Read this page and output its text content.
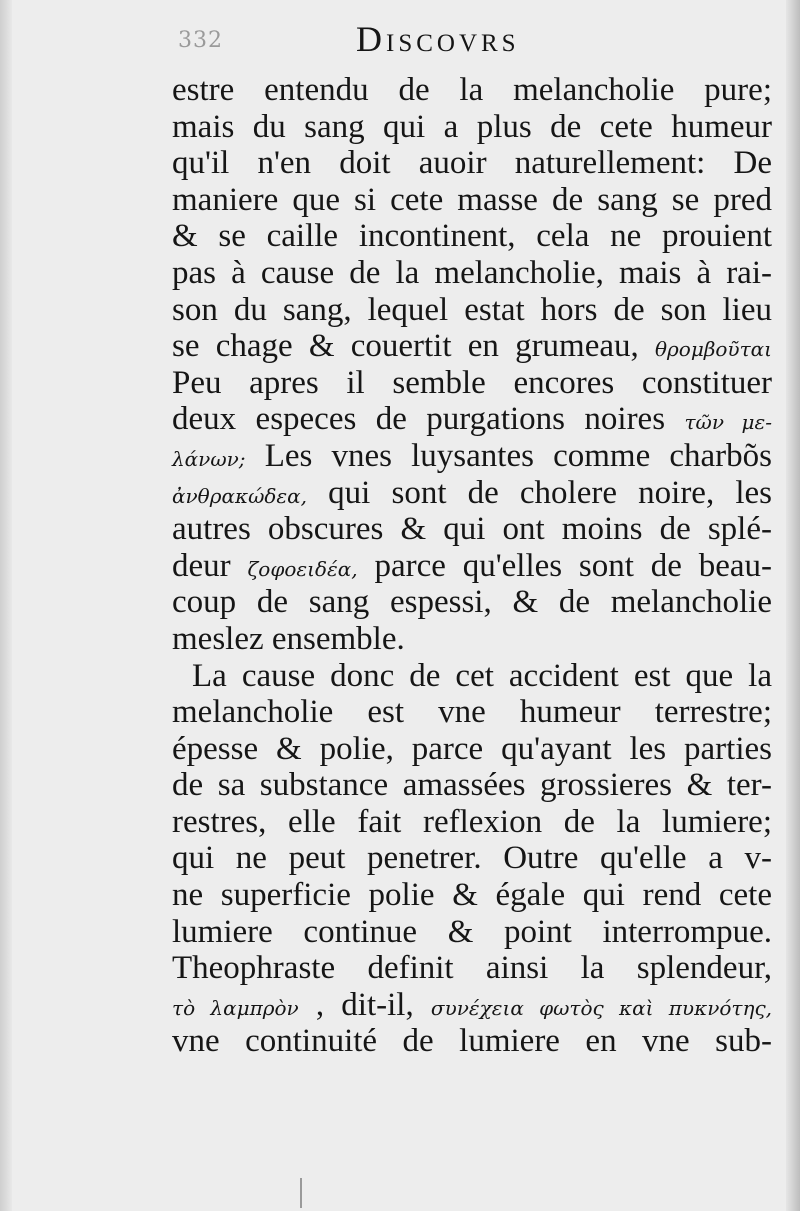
332	Discovrs
estre entendu de la melancholie pure;
mais du sang qui a plus de cete humeur
qu'il n'en doit auoir naturellement: De
maniere que si cete masse de sang se pred
& se caille incontinent, cela ne prouient
pas à cause de la melancholie, mais à rai-
son du sang, lequel estat hors de son lieu
se chage & couertit en grumeau, θρομβοῦται
Peu apres il semble encores constituer
deux especes de purgations noires τῶν με-
λάνων; Les vnes luysantes comme charbõs
ἀνθρακώδεα, qui sont de cholere noire, les
autres obscures & qui ont moins de splé-
deur ζοφοειδέα, parce qu'elles sont de beau-
coup de sang espessi, & de melancholie
meslez ensemble.
La cause donc de cet accident est que la
melancholie est vne humeur terrestre;
épesse & polie, parce qu'ayant les parties
de sa substance amassées grossieres & ter-
restres, elle fait reflexion de la lumiere;
qui ne peut penetrer. Outre qu'elle a v-
ne superficie polie & égale qui rend cete
lumiere continue & point interrompue.
Theophraste definit ainsi la splendeur,
τὸ λαμπρὸν , dit-il, συνέχεια φωτὸς καὶ πυκνότης,
vne continuité de lumiere en vne sub-
